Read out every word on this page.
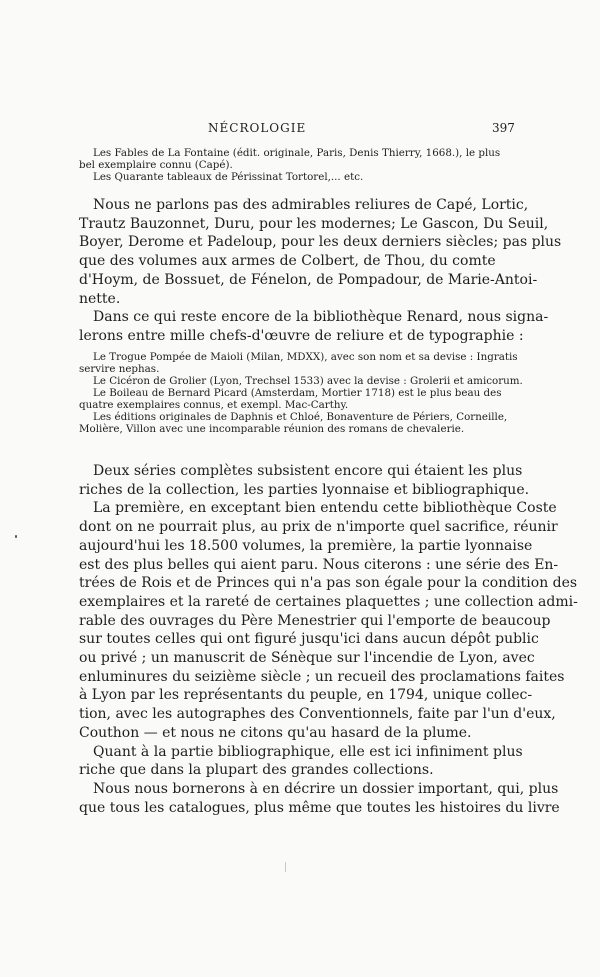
NÉCROLOGIE	397
Les Fables de La Fontaine (édit. originale, Paris, Denis Thierry, 1668.), le plus
bel exemplaire connu (Capé).
Les Quarante tableaux de Périssinat Tortorel,... etc.
Nous ne parlons pas des admirables reliures de Capé, Lortic,
Trautz Bauzonnet, Duru, pour les modernes; Le Gascon, Du Seuil,
Boyer, Derome et Padeloup, pour les deux derniers siècles; pas plus
que des volumes aux armes de Colbert, de Thou, du comte
d'Hoym, de Bossuet, de Fénelon, de Pompadour, de Marie-Antoi-
nette.
Dans ce qui reste encore de la bibliothèque Renard, nous signa-
lerons entre mille chefs-d'œuvre de reliure et de typographie :
Le Trogue Pompée de Maioli (Milan, MDXX), avec son nom et sa devise : Ingratis
servire nephas.
Le Cicéron de Grolier (Lyon, Trechsel 1533) avec la devise : Grolerii et amicorum.
Le Boileau de Bernard Picard (Amsterdam, Mortier 1718) est le plus beau des
quatre exemplaires connus, et exempl. Mac-Carthy.
Les éditions originales de Daphnis et Chloé, Bonaventure de Périers, Corneille,
Molière, Villon avec une incomparable réunion des romans de chevalerie.
Deux séries complètes subsistent encore qui étaient les plus
riches de la collection, les parties lyonnaise et bibliographique.
La première, en exceptant bien entendu cette bibliothèque Coste
dont on ne pourrait plus, au prix de n'importe quel sacrifice, réunir
aujourd'hui les 18.500 volumes, la première, la partie lyonnaise
est des plus belles qui aient paru. Nous citerons : une série des En-
trées de Rois et de Princes qui n'a pas son égale pour la condition des
exemplaires et la rareté de certaines plaquettes ; une collection admi-
rable des ouvrages du Père Menestrier qui l'emporte de beaucoup
sur toutes celles qui ont figuré jusqu'ici dans aucun dépôt public
ou privé ; un manuscrit de Sénèque sur l'incendie de Lyon, avec
enluminures du seizième siècle ; un recueil des proclamations faites
à Lyon par les représentants du peuple, en 1794, unique collec-
tion, avec les autographes des Conventionnels, faite par l'un d'eux,
Couthon — et nous ne citons qu'au hasard de la plume.
Quant à la partie bibliographique, elle est ici infiniment plus
riche que dans la plupart des grandes collections.
Nous nous bornerons à en décrire un dossier important, qui, plus
que tous les catalogues, plus même que toutes les histoires du livre
